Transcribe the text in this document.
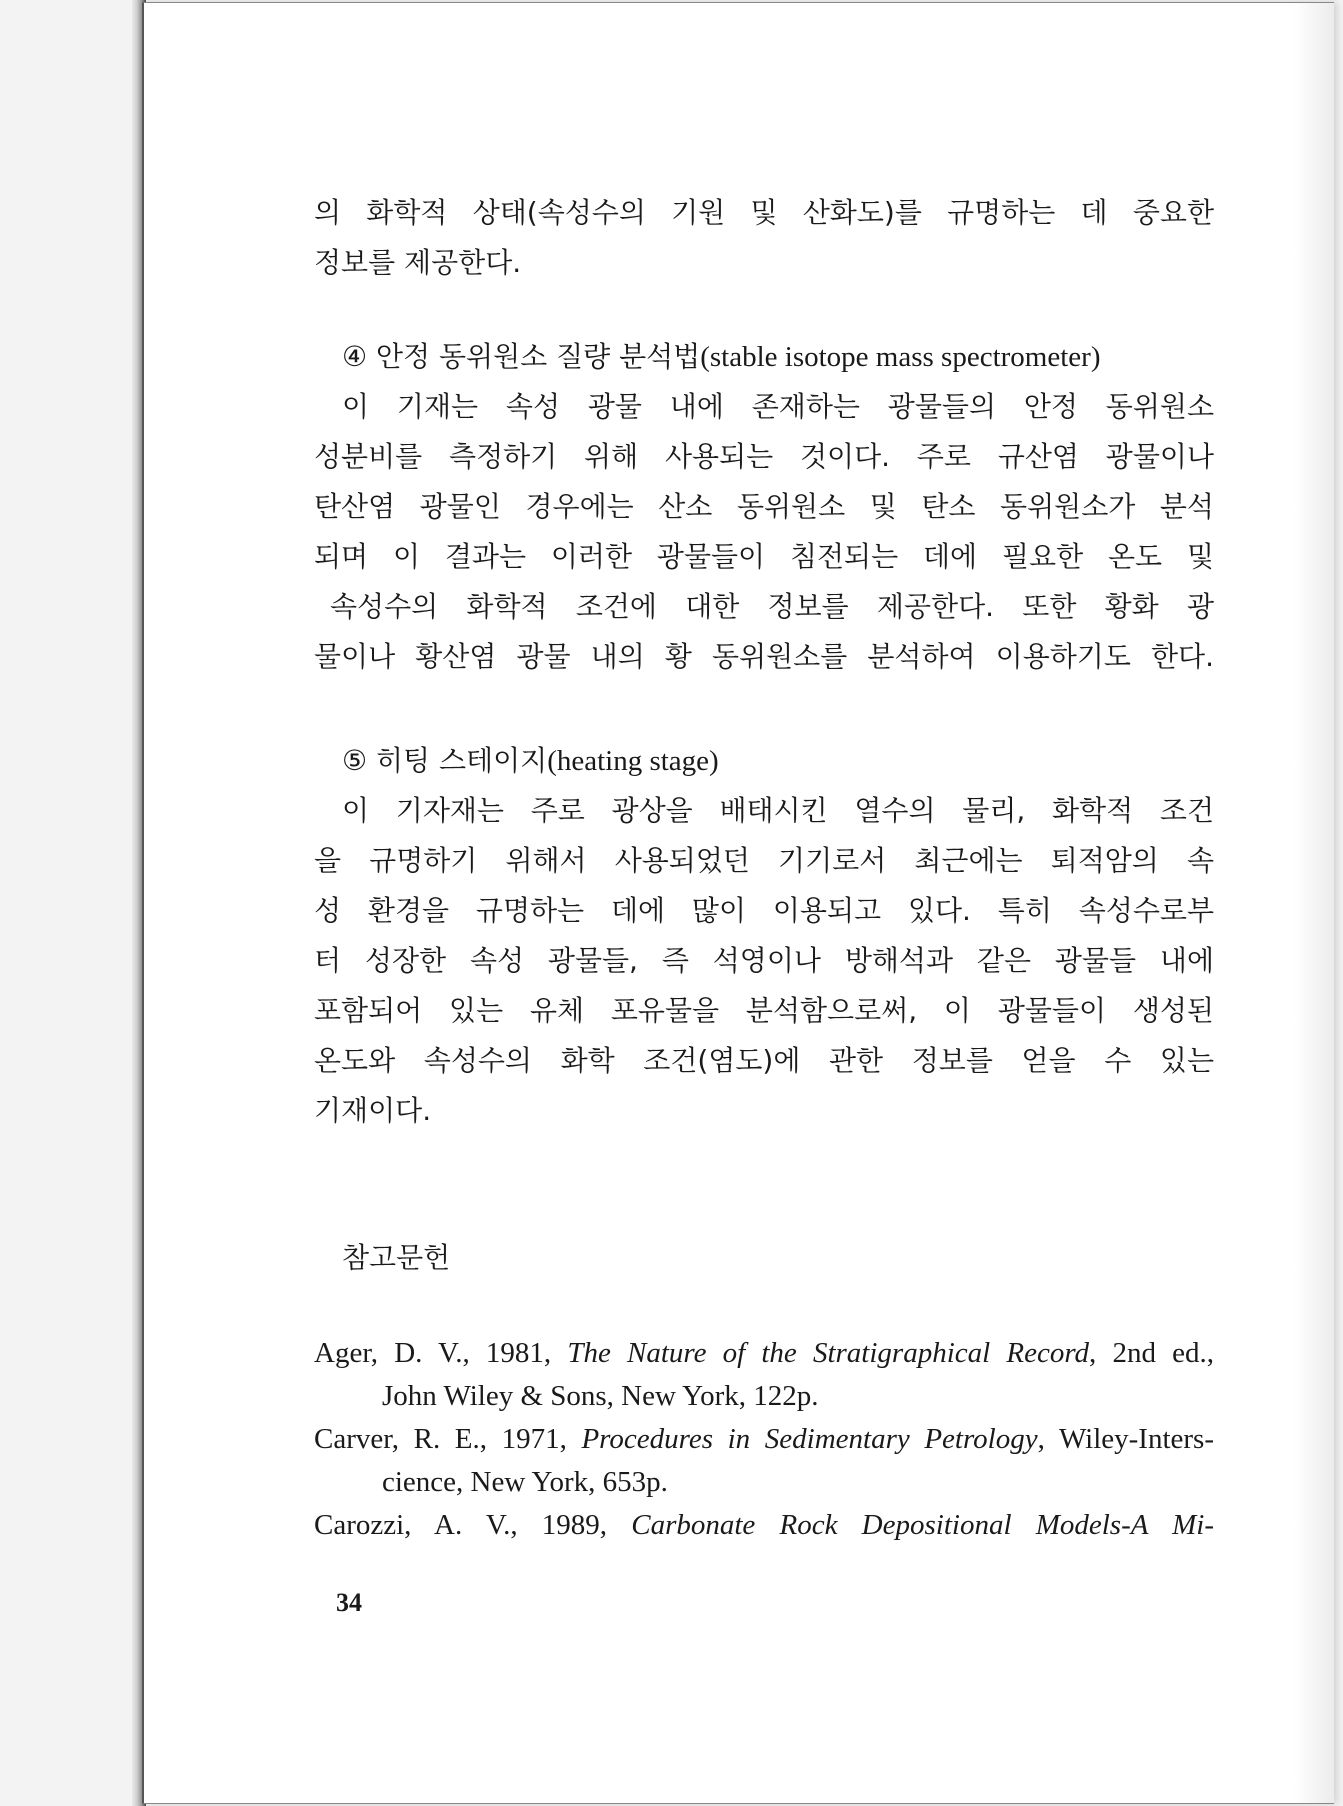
의 화학적 상태(속성수의 기원 및 산화도)를 규명하는 데 중요한
정보를 제공한다.
④ 안정 동위원소 질량 분석법(stable isotope mass spectrometer)
이 기재는 속성 광물 내에 존재하는 광물들의 안정 동위원소
성분비를 측정하기 위해 사용되는 것이다. 주로 규산염 광물이나
탄산염 광물인 경우에는 산소 동위원소 및 탄소 동위원소가 분석
되며 이 결과는 이러한 광물들이 침전되는 데에 필요한 온도 및
속성수의 화학적 조건에 대한 정보를 제공한다. 또한 황화 광
물이나 황산염 광물 내의 황 동위원소를 분석하여 이용하기도 한다.
⑤ 히팅 스테이지(heating stage)
이 기자재는 주로 광상을 배태시킨 열수의 물리, 화학적 조건
을 규명하기 위해서 사용되었던 기기로서 최근에는 퇴적암의 속
성 환경을 규명하는 데에 많이 이용되고 있다. 특히 속성수로부
터 성장한 속성 광물들, 즉 석영이나 방해석과 같은 광물들 내에
포함되어 있는 유체 포유물을 분석함으로써, 이 광물들이 생성된
온도와 속성수의 화학 조건(염도)에 관한 정보를 얻을 수 있는
기재이다.
참고문헌
Ager, D. V., 1981, The Nature of the Stratigraphical Record, 2nd ed.,
John Wiley & Sons, New York, 122p.
Carver, R. E., 1971, Procedures in Sedimentary Petrology, Wiley-Inters-
cience, New York, 653p.
Carozzi, A. V., 1989, Carbonate Rock Depositional Models-A Mi-
34
